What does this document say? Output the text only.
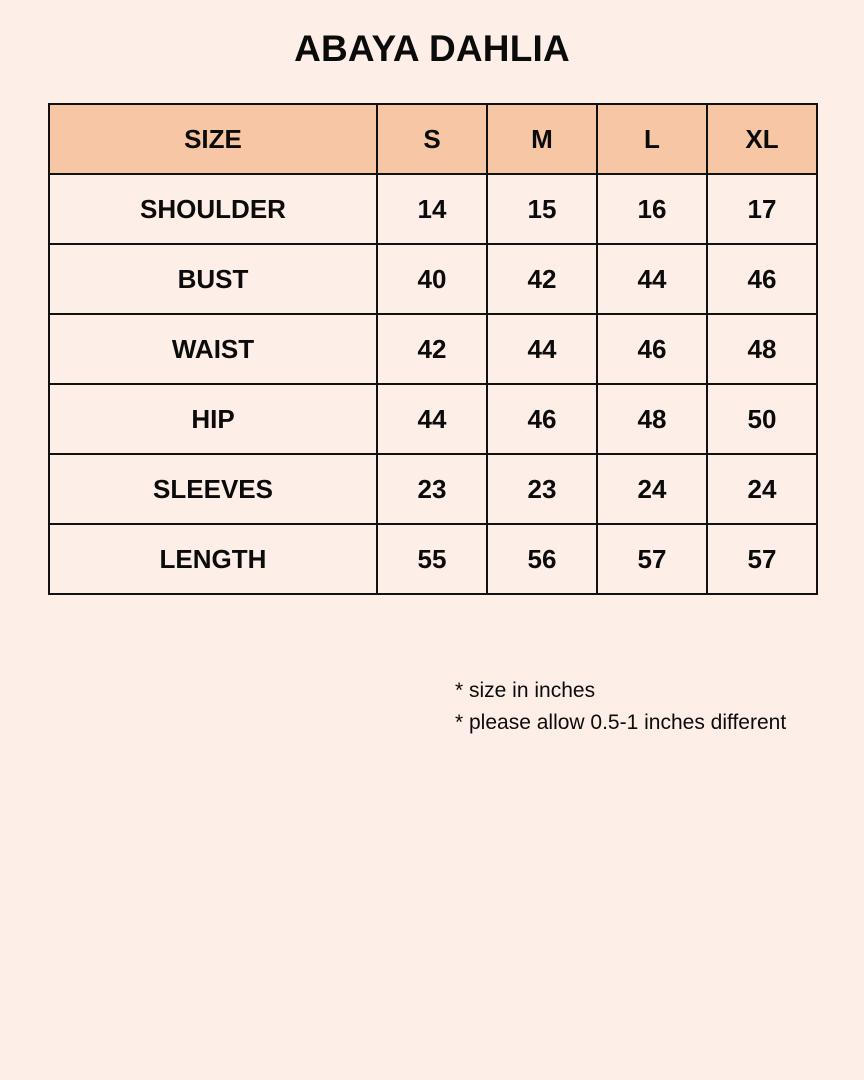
ABAYA DAHLIA
SIZE	S	M	L	XL
SHOULDER	14	15	16	17
BUST	40	42	44	46
WAIST	42	44	46	48
HIP	44	46	48	50
SLEEVES	23	23	24	24
LENGTH	55	56	57	57

* size in inches

* please allow 0.5-1 inches different
